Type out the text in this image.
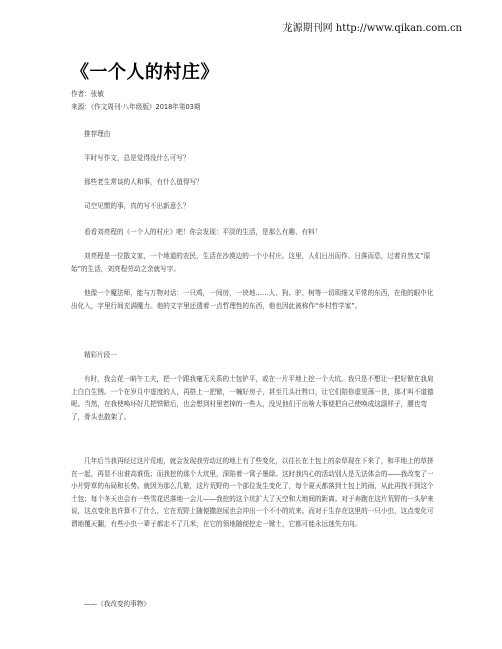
龙源期刊网 http://www.qikan.com.cn
《一个人的村庄》
作者：张敏
来源：《作文周刊·八年级版》2018年第03期

推荐理由

平时写作文，总是觉得没什么可写？

那些老生常谈的人和事，有什么值得写？

司空见惯的事，真的写不出新意么？

看看刘亮程的《一个人的村庄》吧！你会发现：平淡的生活，是那么有趣、有料！

刘亮程是一位散文家，一个地道的农民，生活在沙漠边的一个小村庄。这里，人们日出而作、日落而息，过着自然又“原始”的生活，刘亮程劳动之余就写字。

他像一个魔法师，能与万物对话：一只鸡，一间房，一块地……人、狗、驴、树等一切琐细又平常的东西，在他的眼中化出化入，字里行间充满魔力。他的文字里还透着一点哲理性的东西，他也因此被称作“乡村哲学家”。

精彩片段一

有时，我会花一晌午工夫，把一个跟我毫无关系的土包铲平，或在一片平地上挖一个大坑。我只是不想让一把好锨在我肩上白白生锈。一个在岁月中虚度的人，再搭上一把锨，一幢好房子，甚至几头壮牲口，让它们陪你虚晃荡一世，那才叫不道德呢。当然，在我使唤坏好几把铁锨后，也会想到村里老掉的一些人，没见他们干出啥大事便把自己使唤成这副样子，腰也弯了，骨头也散架了。

几年后当我再经过这片荒地，就会发现我劳动过的地上有了些变化，以往长在土包上的杂草现在下来了，和平地上的草挤在一起，再显不出谁高谁低；而我挖的那个大坑里，深陷着一窝子墨绿。这时我内心的活动别人是无法体会的——我改变了一小片野草的布局和长势。就因为那么几锨，这片荒野的一个部位发生变化了，每个夏天都落到土包上的雨，从此再找不到这个土包；每个冬天也会有一些雪花迟落地一会儿——我挖的这个坑扩大了天空和大地间的距离。对于奔跑在这片荒野的一头驴来说，这点变化也许算不了什么，它在荒野上随便撒泡尿也会冲出一个不小的坑来。而对于生存在这里的一只小虫，这点变化可谓地覆天翻，有些小虫一辈子都走不了几米，在它的领地随便挖走一锨土，它都可能永远迷失方向。

——《我改变的事物》
